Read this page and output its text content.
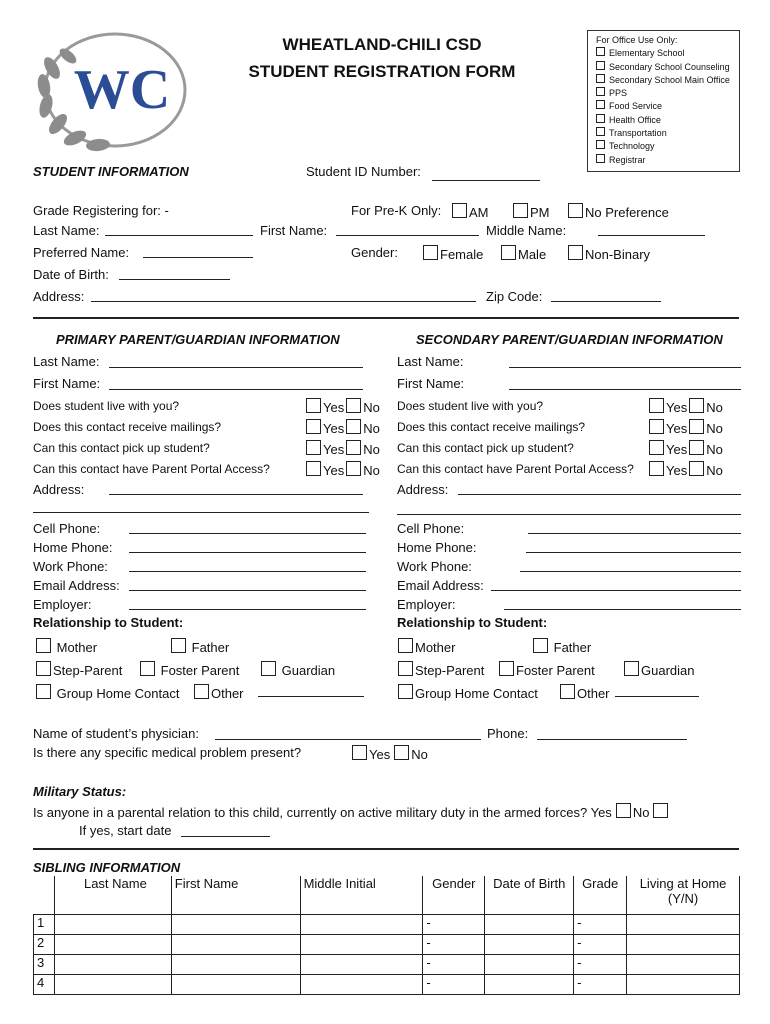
WC
WHEATLAND-CHILI CSD
STUDENT REGISTRATION FORM
For Office Use Only:
Elementary School
Secondary School Counseling
Secondary School Main Office
PPS
Food Service
Health Office
Transportation
Technology
Registrar
STUDENT INFORMATION	Student ID Number:
Grade Registering for: -	For Pre-K Only:	AM	PM	No Preference
Last Name:	First Name:	Middle Name:
Preferred Name:	Gender:	Female	Male	Non-Binary
Date of Birth:
Address:	Zip Code:
PRIMARY PARENT/GUARDIAN INFORMATION
Last Name:
First Name:
Does student live with you?
Does this contact receive mailings?
Can this contact pick up student?
Can this contact have Parent Portal Access?
Yes No
Yes No
Yes No
Yes No
Address:
Cell Phone:
Home Phone:
Work Phone:
Email Address:
Employer:
Relationship to Student:
Mother	Father
Step-Parent	Foster Parent	Guardian
Group Home Contact	Other
SECONDARY PARENT/GUARDIAN INFORMATION
Last Name:
First Name:
Does student live with you?
Does this contact receive mailings?
Can this contact pick up student?
Can this contact have Parent Portal Access?
Yes No
Yes No
Yes No
Yes No
Address:
Cell Phone:
Home Phone:
Work Phone:
Email Address:
Employer:
Relationship to Student:
Mother	Father
Step-Parent	Foster Parent	Guardian
Group Home Contact	Other
Name of student’s physician:	Phone:
Is there any specific medical problem present?	Yes No
Military Status:
Is anyone in a parental relation to this child, currently on active military duty in the armed forces? Yes No
If yes, start date
SIBLING INFORMATION
	Last Name	First Name	Middle Initial	Gender	Date of Birth	Grade	Living at Home (Y/N)
1				-		-	
2				-		-	
3				-		-	
4				-		-	
